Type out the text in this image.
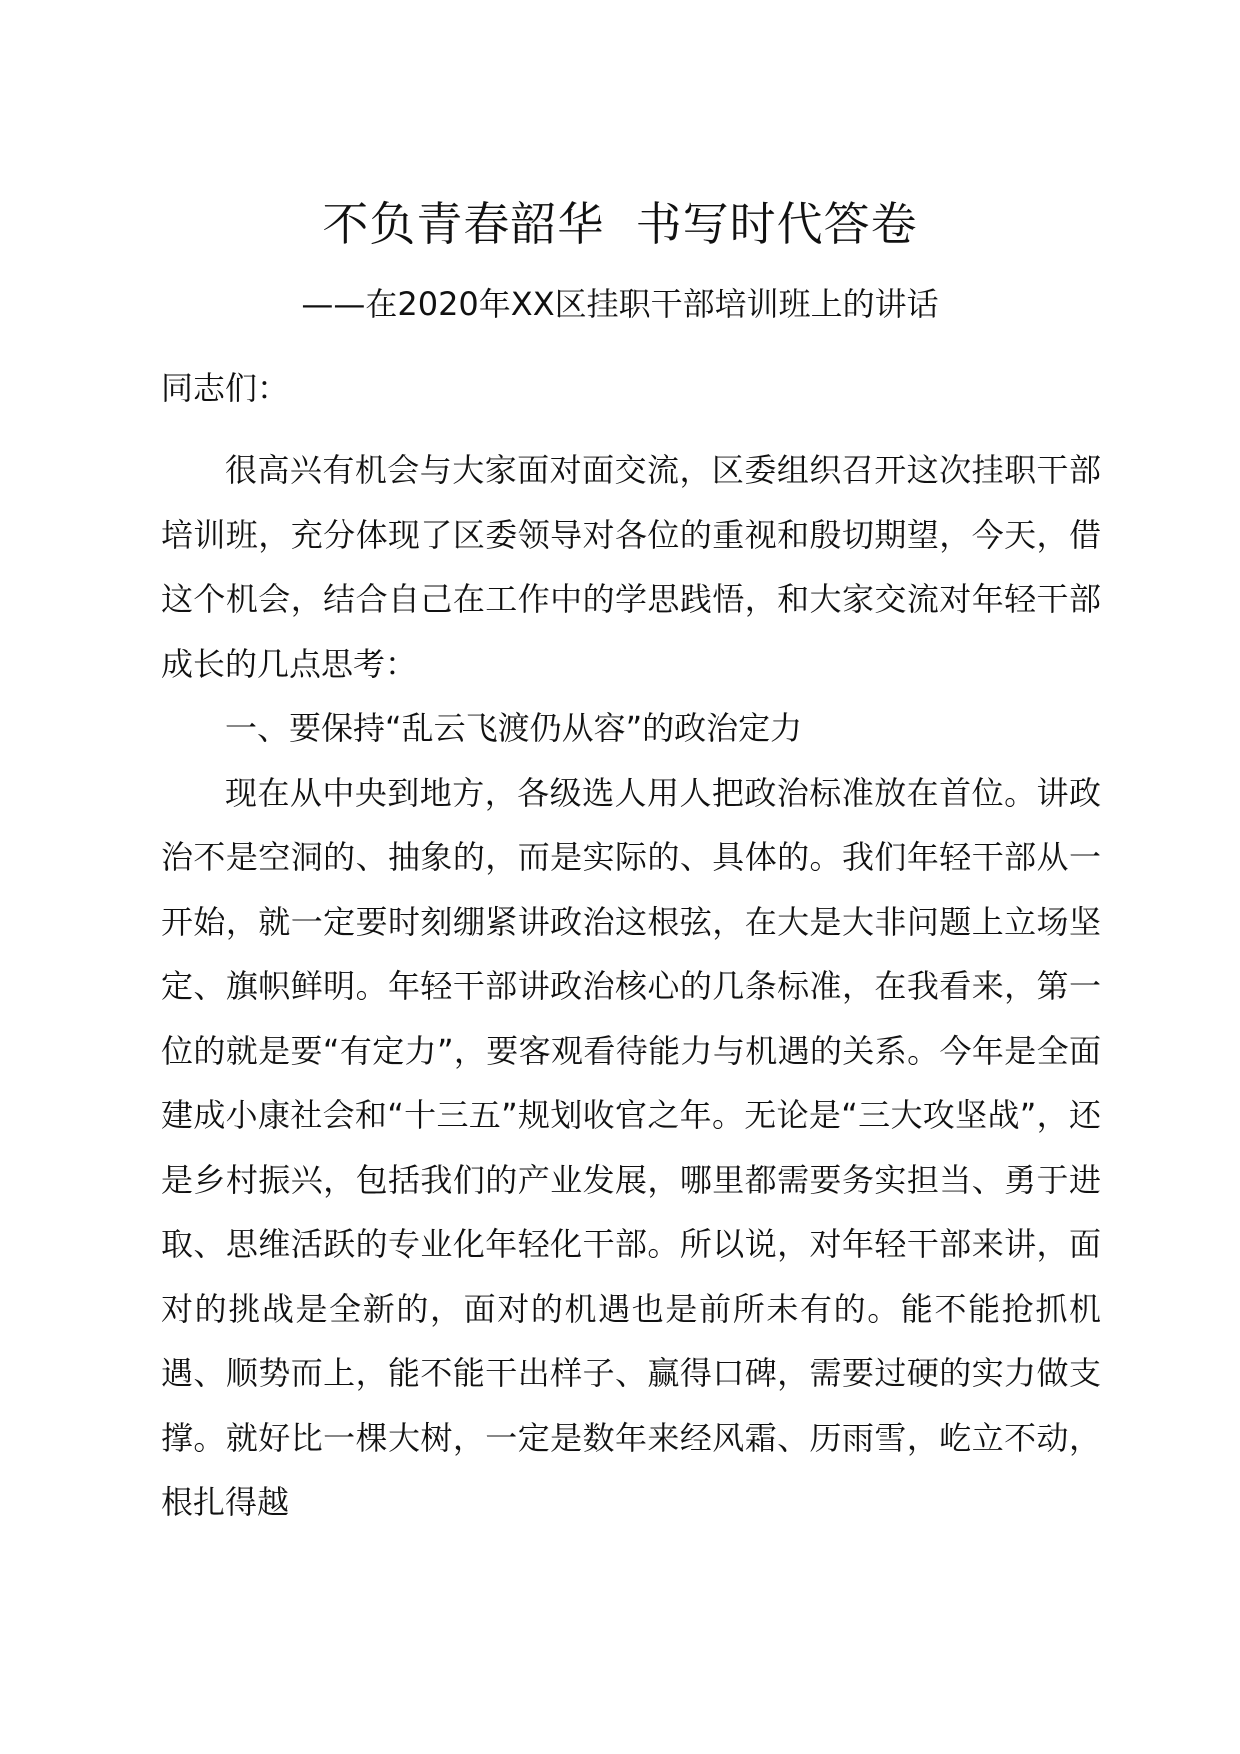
不负青春韶华  书写时代答卷
——在2020年XX区挂职干部培训班上的讲话

同志们：

很高兴有机会与大家面对面交流，区委组织召开这次挂职干部培训班，充分体现了区委领导对各位的重视和殷切期望，今天，借这个机会，结合自己在工作中的学思践悟，和大家交流对年轻干部成长的几点思考：

一、要保持“乱云飞渡仍从容”的政治定力

现在从中央到地方，各级选人用人把政治标准放在首位。讲政治不是空洞的、抽象的，而是实际的、具体的。我们年轻干部从一开始，就一定要时刻绷紧讲政治这根弦，在大是大非问题上立场坚定、旗帜鲜明。年轻干部讲政治核心的几条标准，在我看来，第一位的就是要“有定力”，要客观看待能力与机遇的关系。今年是全面建成小康社会和“十三五”规划收官之年。无论是“三大攻坚战”，还是乡村振兴，包括我们的产业发展，哪里都需要务实担当、勇于进取、思维活跃的专业化年轻化干部。所以说，对年轻干部来讲，面对的挑战是全新的，面对的机遇也是前所未有的。能不能抢抓机遇、顺势而上，能不能干出样子、赢得口碑，需要过硬的实力做支撑。就好比一棵大树，一定是数年来经风霜、历雨雪，屹立不动，根扎得越
